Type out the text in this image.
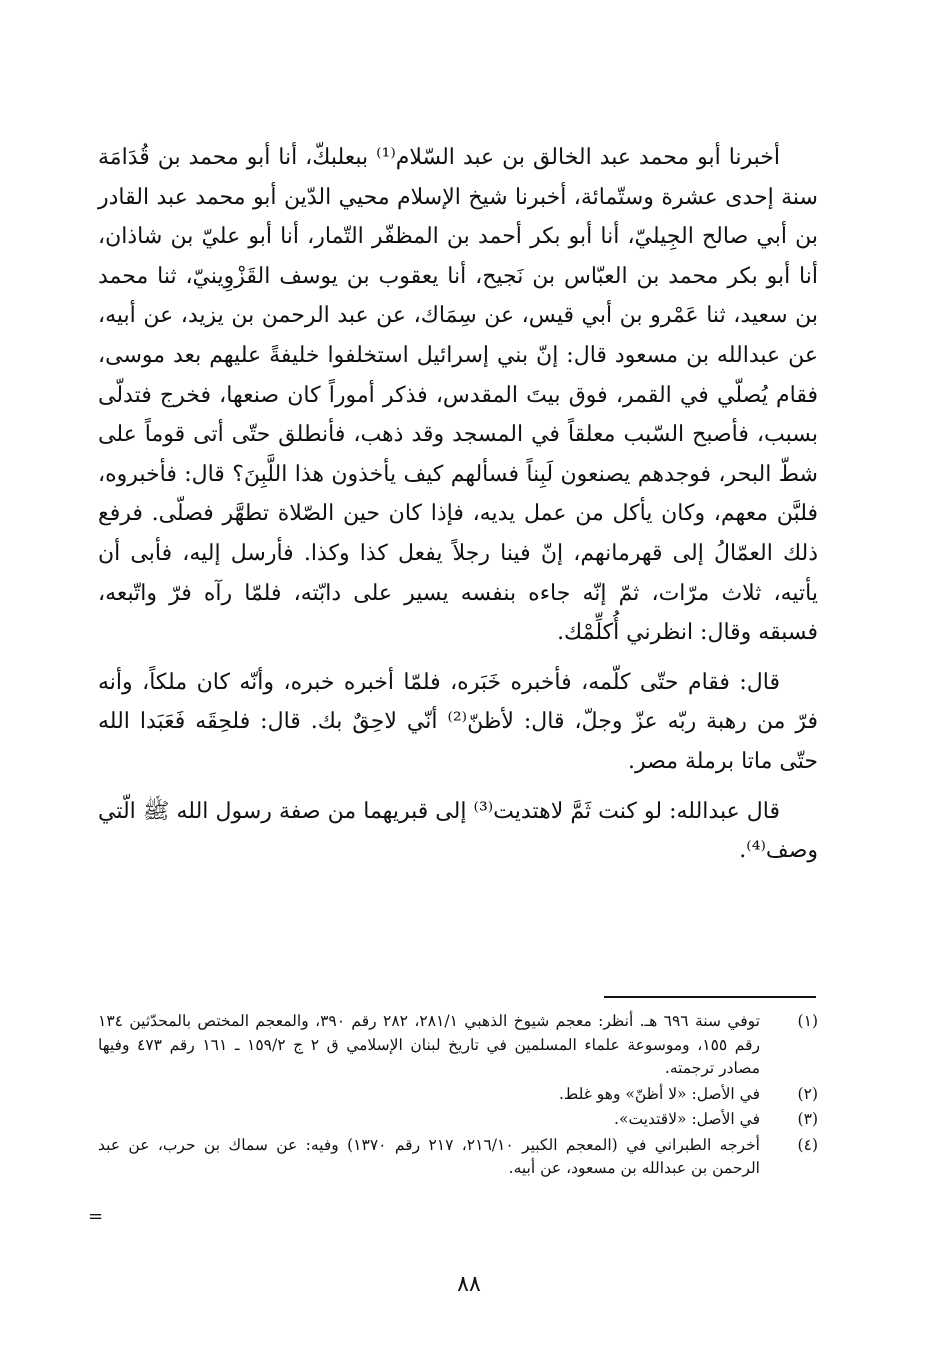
أخبرنا أبو محمد عبد الخالق بن عبد السّلام⁽¹⁾ ببعلبكّ، أنا أبو محمد بن قُدَامَة سنة إحدى عشرة وستّمائة، أخبرنا شيخ الإسلام محيي الدّين أبو محمد عبد القادر بن أبي صالح الجِيليّ، أنا أبو بكر أحمد بن المظفّر التّمار، أنا أبو عليّ بن شاذان، أنا أبو بكر محمد بن العبّاس بن نَجيح، أنا يعقوب بن يوسف القَزْوِينيّ، ثنا محمد بن سعيد، ثنا عَمْرو بن أبي قيس، عن سِمَاك، عن عبد الرحمن بن يزيد، عن أبيه، عن عبدالله بن مسعود قال: إنّ بني إسرائيل استخلفوا خليفةً عليهم بعد موسى، فقام يُصلّي في القمر، فوق بيتَ المقدس، فذكر أموراً كان صنعها، فخرج فتدلّى بسبب، فأصبح السّبب معلقاً في المسجد وقد ذهب، فأنطلق حتّى أتى قوماً على شطّ البحر، فوجدهم يصنعون لَبِناً فسألهم كيف يأخذون هذا اللَّبِنَ؟ قال: فأخبروه، فلبَّن معهم، وكان يأكل من عمل يديه، فإذا كان حين الصّلاة تطهَّر فصلّى. فرفع ذلك العمّالُ إلى قهرمانهم، إنّ فينا رجلاً يفعل كذا وكذا. فأرسل إليه، فأبى أن يأتيه، ثلاث مرّات، ثمّ إنّه جاءه بنفسه يسير على دابّته، فلمّا رآه فرّ واتّبعه، فسبقه وقال: انظرني أُكلِّمْك.

قال: فقام حتّى كلّمه، فأخبره خَبَره، فلمّا أخبره خبره، وأنّه كان ملكاً، وأنه فرّ من رهبة ربّه عزّ وجلّ، قال: لأظنّ⁽²⁾ أنّي لاحِقٌ بك. قال: فلحِقَه فَعَبَدا الله حتّى ماتا برملة مصر.

قال عبدالله: لو كنت ثَمَّ لاهتديت⁽³⁾ إلى قبريهما من صفة رسول الله ﷺ الّتي وصف⁽⁴⁾.

(١)
توفي سنة ٦٩٦ هـ. أنظر: معجم شيوخ الذهبي ٢٨١/١، ٢٨٢ رقم ٣٩٠، والمعجم المختص بالمحدّثين ١٣٤ رقم ١٥٥، وموسوعة علماء المسلمين في تاريخ لبنان الإسلامي ق ٢ ج ١٥٩/٢ ـ ١٦١ رقم ٤٧٣ وفيها مصادر ترجمته.
(٢)
في الأصل: «لا أظنّ» وهو غلط.
(٣)
في الأصل: «لاقتديت».
(٤)
أخرجه الطبراني في (المعجم الكبير ٢١٦/١٠، ٢١٧ رقم ١٣٧٠) وفيه: عن سماك بن حرب، عن عبد الرحمن بن عبدالله بن مسعود، عن أبيه.
=
٨٨
